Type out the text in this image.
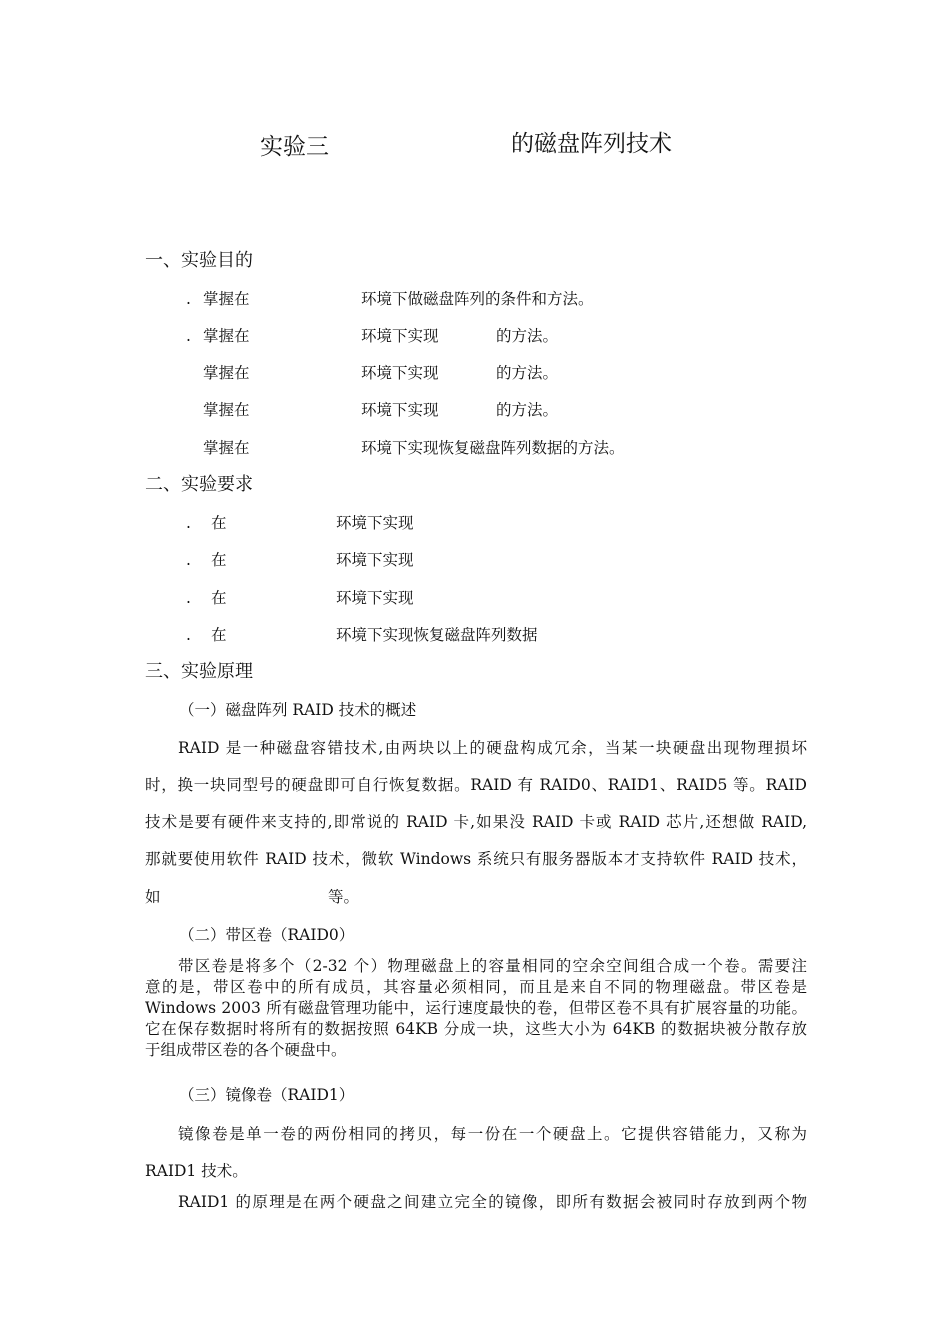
实验三	的磁盘阵列技术
一、实验目的
. 掌握在	环境下做磁盘阵列的条件和方法。
. 掌握在	环境下实现	的方法。
掌握在	环境下实现	的方法。
掌握在	环境下实现	的方法。
掌握在	环境下实现恢复磁盘阵列数据的方法。
二、实验要求
. 在	环境下实现
. 在	环境下实现
. 在	环境下实现
. 在	环境下实现恢复磁盘阵列数据
三、实验原理
（一）磁盘阵列 RAID 技术的概述
RAID 是一种磁盘容错技术,由两块以上的硬盘构成冗余，当某一块硬盘出现物理损坏
时，换一块同型号的硬盘即可自行恢复数据。RAID 有 RAID0、RAID1、RAID5 等。RAID
技术是要有硬件来支持的,即常说的 RAID 卡,如果没 RAID 卡或 RAID 芯片,还想做 RAID,
那就要使用软件 RAID 技术，微软 Windows 系统只有服务器版本才支持软件 RAID 技术，
如	等。
（二）带区卷（RAID0）
带区卷是将多个（2-32 个）物理磁盘上的容量相同的空余空间组合成一个卷。需要注
意的是，带区卷中的所有成员，其容量必须相同，而且是来自不同的物理磁盘。带区卷是
Windows 2003 所有磁盘管理功能中，运行速度最快的卷，但带区卷不具有扩展容量的功能。
它在保存数据时将所有的数据按照 64KB 分成一块，这些大小为 64KB 的数据块被分散存放
于组成带区卷的各个硬盘中。
（三）镜像卷（RAID1）
镜像卷是单一卷的两份相同的拷贝，每一份在一个硬盘上。它提供容错能力，又称为
RAID1 技术。
RAID1 的原理是在两个硬盘之间建立完全的镜像，即所有数据会被同时存放到两个物
